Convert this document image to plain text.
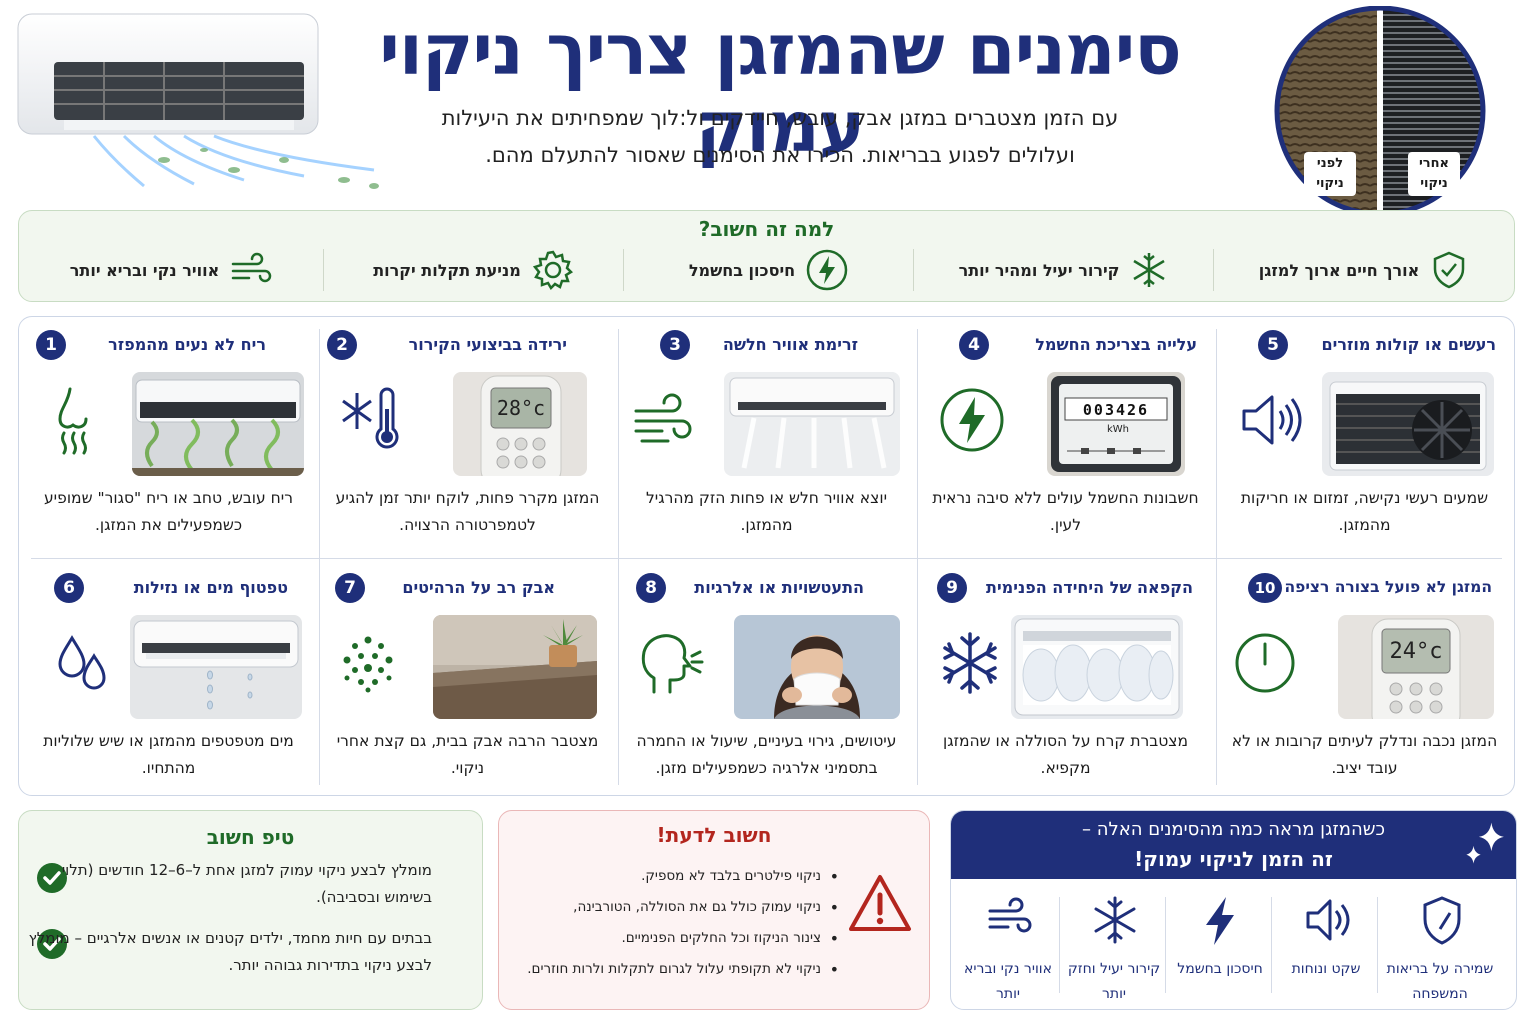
סימנים שהמזגן צריך ניקוי עמוק
עם הזמן מצטברים במזגן אבק, עובש, חיידקים ול:לוך שמפחיתים את היעילות
ועלולים לפגוע בבריאות. הכירו את הסימנים שאסור להתעלם מהם.	לפני ניקוי
אחרי ניקוי
למה זה חשוב?
אורך חיים ארוך למזגן
קירור יעיל ומהיר יותר
חיסכון בחשמל
מניעת תקלות יקרות
אוויר נקי ובריא יותר
5	רעשים או קולות מוזרים
שמעים רעשי נקישה, זמזום או חריקות מהמזגן.
4	עלייה בצריכת החשמל
003426
kWh
חשבונות החשמל עולים ללא סיבה נראית לעין.
3	זרימת אוויר חלשה
יוצא אוויר חלש או פחות הזק מהרגיל מהמזגן.
2	ירידה בביצועי הקירור
28°c
המזגן מקרר פחות, לוקח יותר זמן להגיע לטמפרטורה הרצויה.
1	ריח לא נעים מהמפזר
ריח עובש, טחב או ריח "סגור" שמופיע כשמפעילים את המזגן.
10 המזגן לא פועל בצורה רציפה
24°c
המזגן נכבה ונדלק לעיתים קרובות או לא עובד יציב.
9	הקפאה של היחידה הפנימית
מצטברת קרח על הסוללה או שהמזגן מקפיא.
8	התעטשויות או אלרגיות
עיטושים, גירוי בעיניים, שיעול או החמרה בתסמיני אלרגיה כשמפעילים מזגן.
7	אבק רב על הרהיטים
מצטבר הרבה אבק בבית, גם קצת אחרי ניקוי.
6	טפטוף מים או נזילות
מים מטפטפים מהמזגן או שיש שלוליות מהתחיו.
טיפ חשוב
מומלץ לבצע ניקוי עמוק למזגן אחת ל–6–12 חודשים (תלוי בשימוש ובסביבה).
בבתים עם חיות מחמד, ילדים קטנים או אנשים אלרגיים – מומלץ לבצע ניקוי בתדירות גבוהה יותר.
חשוב לדעת!
• ניקוי פילטרים בלבד לא מספיק.
• ניקוי עמוק כולל גם את הסוללה, הטורבינה,
• צינור הניקוז וכל החלקים הפנימיים.
• ניקוי לא תקופתי עלול לגרום לתקלות ולרות חוזרים.
כשהמזגן מראה כמה מהסימנים האלה –
זה הזמן לניקוי עמוק!
שמירה על בריאות המשפחה
שקט ונוחות
חיסכון בחשמל
קירור יעיל וחזק יותר
אוויר נקי ובריא יותר
